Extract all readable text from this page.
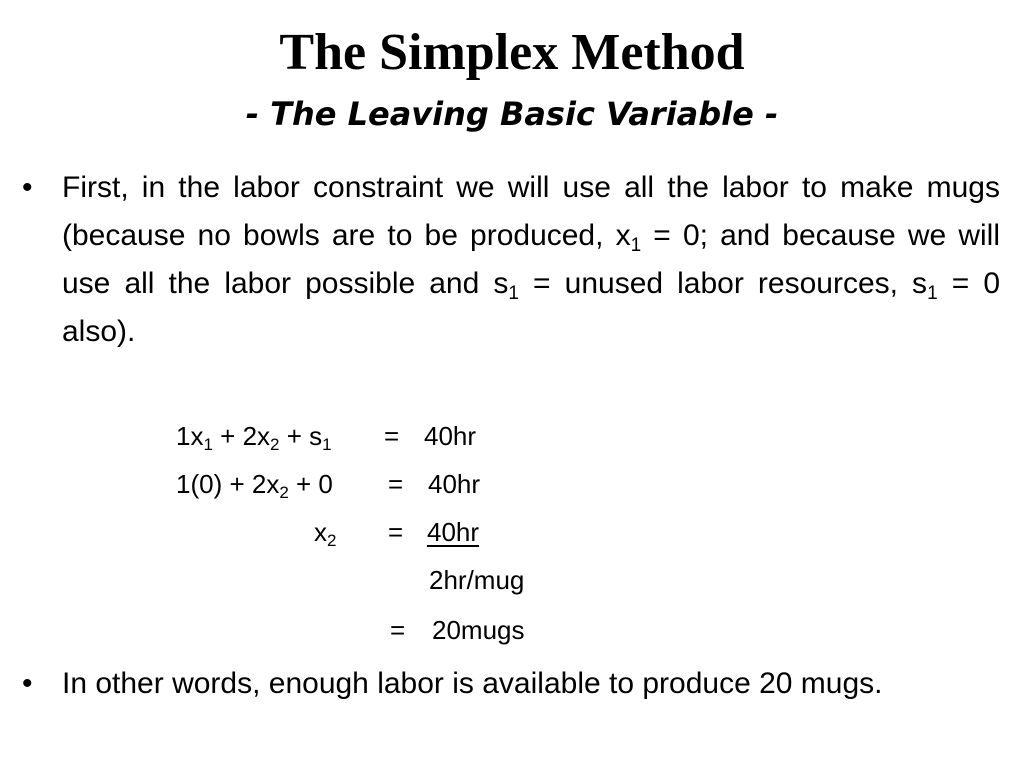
The Simplex Method
- The Leaving Basic Variable -
• First, in the labor constraint we will use all the labor to make mugs (because no bowls are to be produced, $x_1 = 0$; and because we will use all the labor possible and $s_1$ = unused labor resources, $s_1 = 0$ also).
$1x_1 + 2x_2 + s_1 = 40hr$
$1(0) + 2x_2 + 0 = 40hr$
$x_2 = 40hr$
2hr/mug
= 20mugs
• In other words, enough labor is available to produce 20 mugs.
